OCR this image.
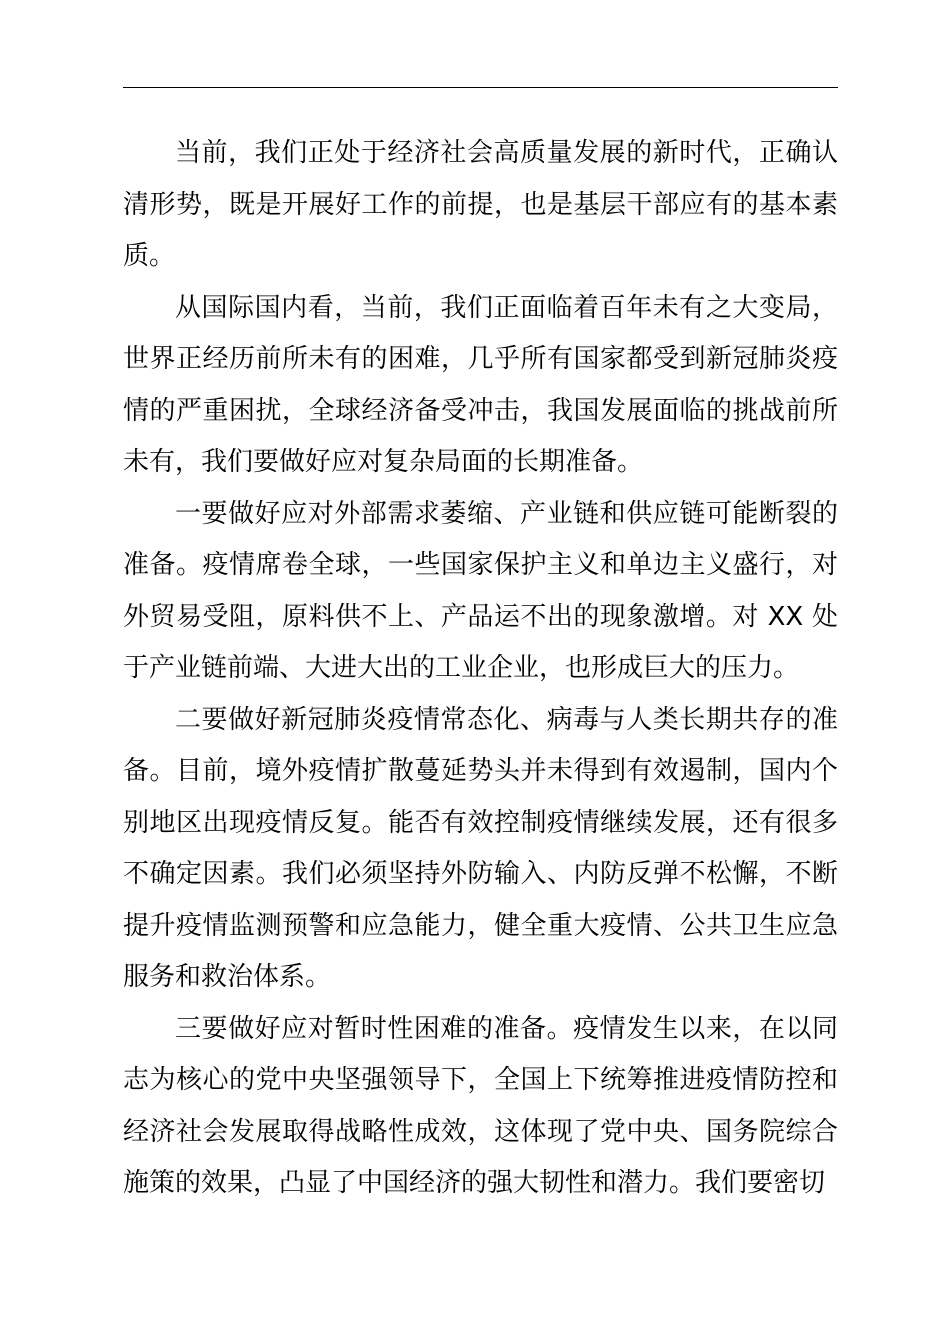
当前，我们正处于经济社会高质量发展的新时代，正确认清形势，既是开展好工作的前提，也是基层干部应有的基本素质。

从国际国内看，当前，我们正面临着百年未有之大变局，世界正经历前所未有的困难，几乎所有国家都受到新冠肺炎疫情的严重困扰，全球经济备受冲击，我国发展面临的挑战前所未有，我们要做好应对复杂局面的长期准备。

一要做好应对外部需求萎缩、产业链和供应链可能断裂的准备。疫情席卷全球，一些国家保护主义和单边主义盛行，对外贸易受阻，原料供不上、产品运不出的现象激增。对 XX 处于产业链前端、大进大出的工业企业，也形成巨大的压力。

二要做好新冠肺炎疫情常态化、病毒与人类长期共存的准备。目前，境外疫情扩散蔓延势头并未得到有效遏制，国内个别地区出现疫情反复。能否有效控制疫情继续发展，还有很多不确定因素。我们必须坚持外防输入、内防反弹不松懈，不断提升疫情监测预警和应急能力，健全重大疫情、公共卫生应急服务和救治体系。

三要做好应对暂时性困难的准备。疫情发生以来，在以同志为核心的党中央坚强领导下，全国上下统筹推进疫情防控和经济社会发展取得战略性成效，这体现了党中央、国务院综合施策的效果，凸显了中国经济的强大韧性和潜力。我们要密切
